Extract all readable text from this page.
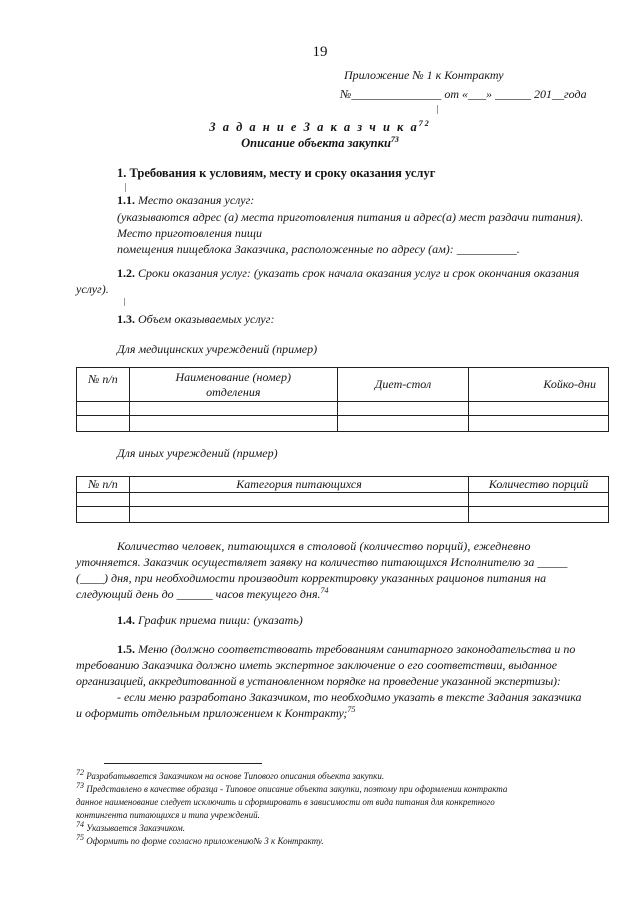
19
Приложение № 1 к Контракту
№_______________ от «___» ______ 201__года
З а д а н и е З а к а з ч и к $а^{72}$
Описание объекта закупки$^{73}$
1. Требования к условиям, месту и сроку оказания услуг
1.1. Место оказания услуг:
(указываются адрес (а) места приготовления питания и адрес(а) мест раздачи питания).
Место приготовления пищи
помещения пищеблока Заказчика, расположенные по адресу (ам): __________.
1.2. Сроки оказания услуг: (указать срок начала оказания услуг и срок окончания оказания
услуг).
1.3. Объем оказываемых услуг:
Для медицинских учреждений (пример)
№ п/п	Наименование (номер) отделения	Диет-стол	Койко-дни

Для иных учреждений (пример)
№ п/п	Категория питающихся	Количество порций

Количество человек, питающихся в столовой (количество порций), ежедневно
уточняется. Заказчик осуществляет заявку на количество питающихся Исполнителю за _____
(____) дня, при необходимости производит корректировку указанных рационов питания на
следующий день до ______ часов текущего дня.$^{74}$
1.4. График приема пищи: (указать)
1.5. Меню (должно соответствовать требованиям санитарного законодательства и по
требованию Заказчика должно иметь экспертное заключение о его соответствии, выданное
организацией, аккредитованной в установленном порядке на проведение указанной экспертизы):
- если меню разработано Заказчиком, то необходимо указать в тексте Задания заказчика
и оформить отдельным приложением к Контракту;$^{75}$
$^{72}$ Разрабатывается Заказчиком на основе Типового описания объекта закупки.
$^{73}$ Представлено в качестве образца - Типовое описание объекта закупки, поэтому при оформлении контракта
данное наименование следует исключить и сформировать в зависимости от вида питания для конкретного
контингента питающихся и типа учреждений.
$^{74}$ Указывается Заказчиком.
$^{75}$ Оформить по форме согласно приложению№ 3 к Контракту.
